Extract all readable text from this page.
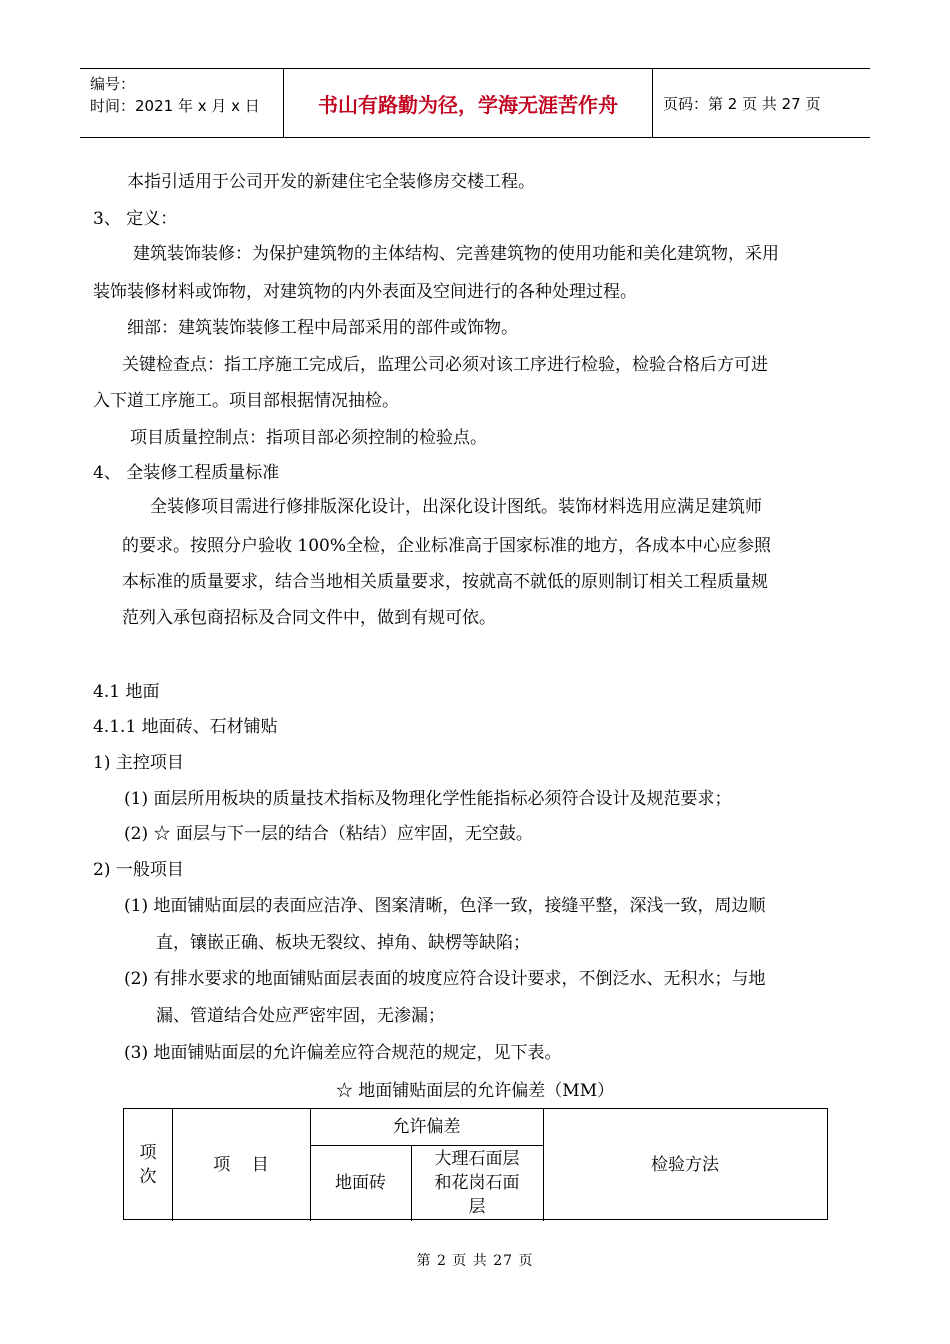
编号：
时间：2021 年 x 月 x 日	书山有路勤为径，学海无涯苦作舟	页码：第 2 页 共 27 页
本指引适用于公司开发的新建住宅全装修房交楼工程。
3、 定义：
建筑装饰装修：为保护建筑物的主体结构、完善建筑物的使用功能和美化建筑物，采用
装饰装修材料或饰物，对建筑物的内外表面及空间进行的各种处理过程。
细部：建筑装饰装修工程中局部采用的部件或饰物。
关键检查点：指工序施工完成后，监理公司必须对该工序进行检验，检验合格后方可进
入下道工序施工。项目部根据情况抽检。
项目质量控制点：指项目部必须控制的检验点。
4、 全装修工程质量标准
全装修项目需进行修排版深化设计，出深化设计图纸。装饰材料选用应满足建筑师
的要求。按照分户验收 100%全检，企业标准高于国家标准的地方，各成本中心应参照
本标准的质量要求，结合当地相关质量要求，按就高不就低的原则制订相关工程质量规
范列入承包商招标及合同文件中，做到有规可依。
4.1 地面
4.1.1 地面砖、石材铺贴
1) 主控项目
(1) 面层所用板块的质量技术指标及物理化学性能指标必须符合设计及规范要求；
(2) ☆ 面层与下一层的结合（粘结）应牢固，无空鼓。
2) 一般项目
(1) 地面铺贴面层的表面应洁净、图案清晰，色泽一致，接缝平整，深浅一致，周边顺
直，镶嵌正确、板块无裂纹、掉角、缺楞等缺陷；
(2) 有排水要求的地面铺贴面层表面的坡度应符合设计要求，不倒泛水、无积水；与地
漏、管道结合处应严密牢固，无渗漏；
(3) 地面铺贴面层的允许偏差应符合规范的规定，见下表。
☆ 地面铺贴面层的允许偏差（MM）
项
次
项    目
允许偏差
地面砖
大理石面层
和花岗石面
层
检验方法
第 2 页 共 27 页
